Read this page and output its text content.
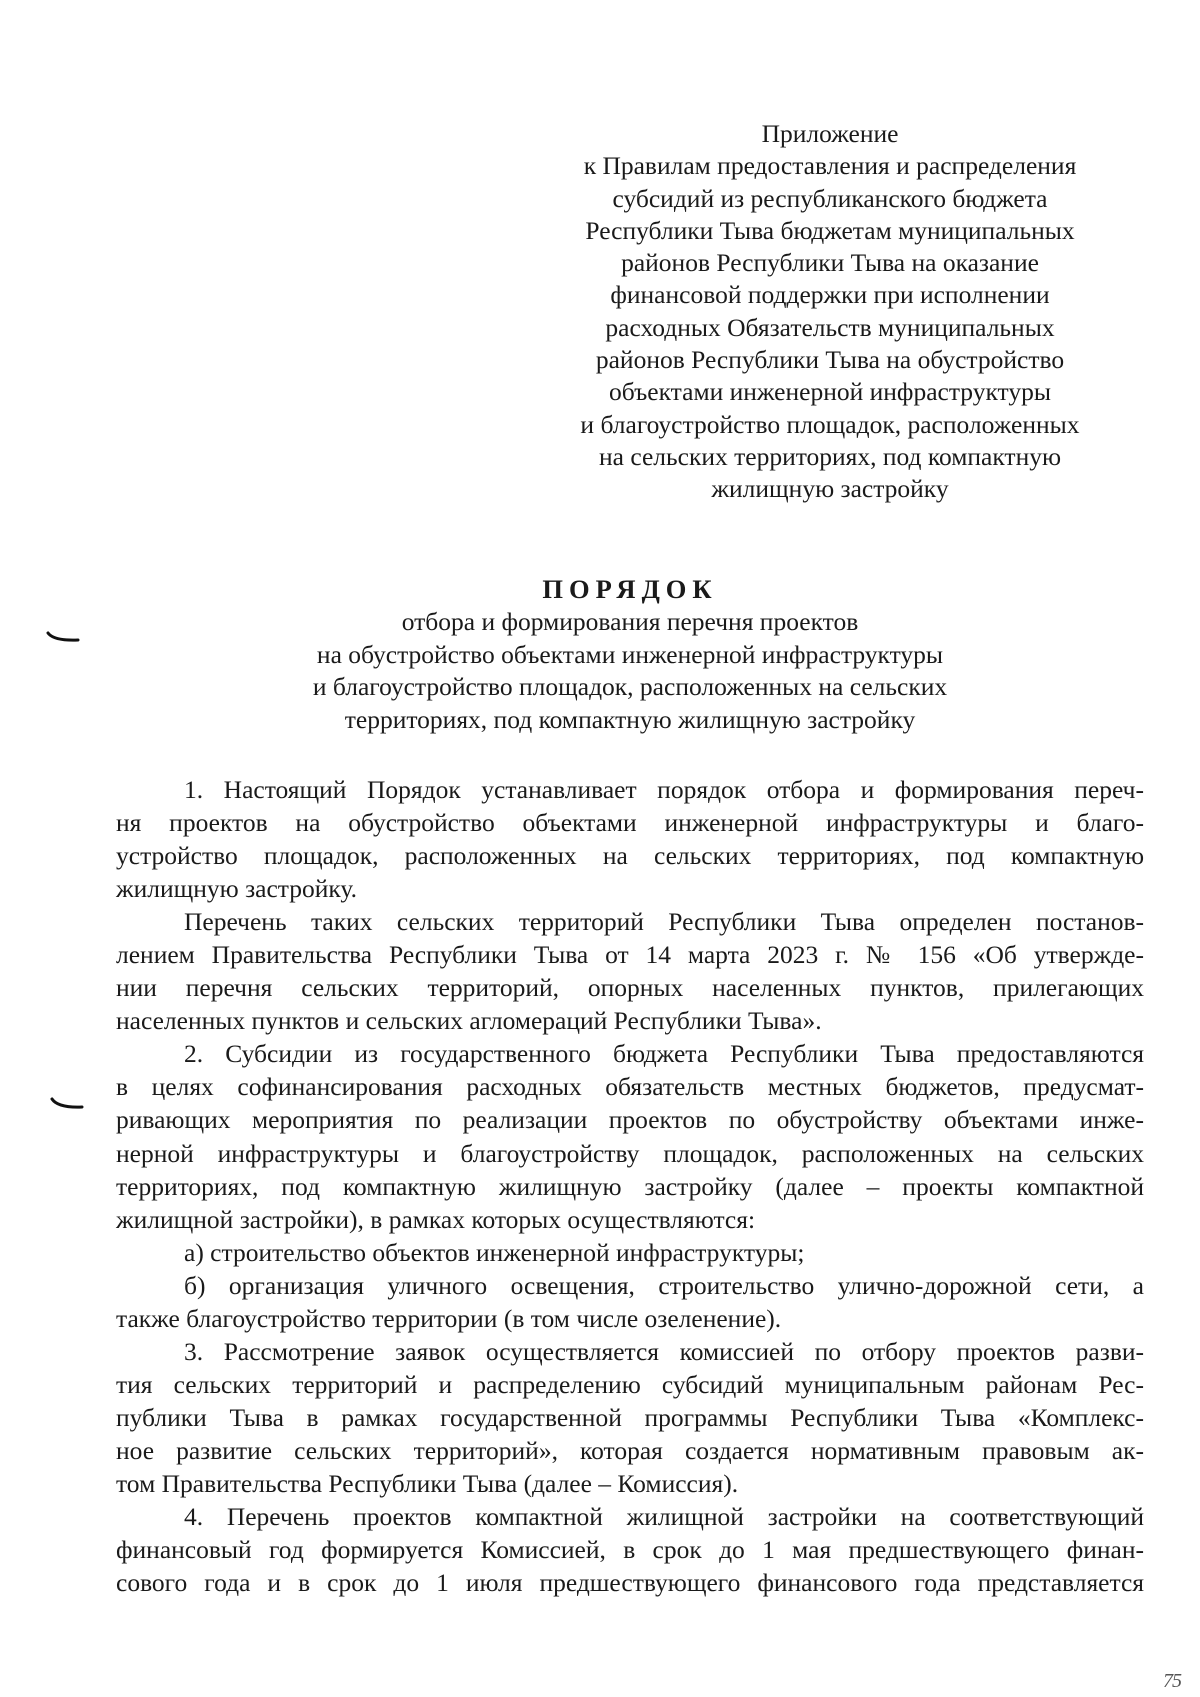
Приложение
к Правилам предоставления и распределения
субсидий из республиканского бюджета
Республики Тыва бюджетам муниципальных
районов Республики Тыва на оказание
финансовой поддержки при исполнении
расходных Обязательств муниципальных
районов Республики Тыва на обустройство
объектами инженерной инфраструктуры
и благоустройство площадок, расположенных
на сельских территориях, под компактную
жилищную застройку
ПОРЯДОК
отбора и формирования перечня проектов
на обустройство объектами инженерной инфраструктуры
и благоустройство площадок, расположенных на сельских
территориях, под компактную жилищную застройку
1. Настоящий Порядок устанавливает порядок отбора и формирования переч-
ня проектов на обустройство объектами инженерной инфраструктуры и благо-
устройство площадок, расположенных на сельских территориях, под компактную
жилищную застройку.
Перечень таких сельских территорий Республики Тыва определен постанов-
лением Правительства Республики Тыва от 14 марта 2023 г. № 156 «Об утвержде-
нии перечня сельских территорий, опорных населенных пунктов, прилегающих
населенных пунктов и сельских агломераций Республики Тыва».
2. Субсидии из государственного бюджета Республики Тыва предоставляются
в целях софинансирования расходных обязательств местных бюджетов, предусмат-
ривающих мероприятия по реализации проектов по обустройству объектами инже-
нерной инфраструктуры и благоустройству площадок, расположенных на сельских
территориях, под компактную жилищную застройку (далее – проекты компактной
жилищной застройки), в рамках которых осуществляются:
а) строительство объектов инженерной инфраструктуры;
б) организация уличного освещения, строительство улично-дорожной сети, а
также благоустройство территории (в том числе озеленение).
3. Рассмотрение заявок осуществляется комиссией по отбору проектов разви-
тия сельских территорий и распределению субсидий муниципальным районам Рес-
публики Тыва в рамках государственной программы Республики Тыва «Комплекс-
ное развитие сельских территорий», которая создается нормативным правовым ак-
том Правительства Республики Тыва (далее – Комиссия).
4. Перечень проектов компактной жилищной застройки на соответствующий
финансовый год формируется Комиссией, в срок до 1 мая предшествующего финан-
сового года и в срок до 1 июля предшествующего финансового года представляется
75
